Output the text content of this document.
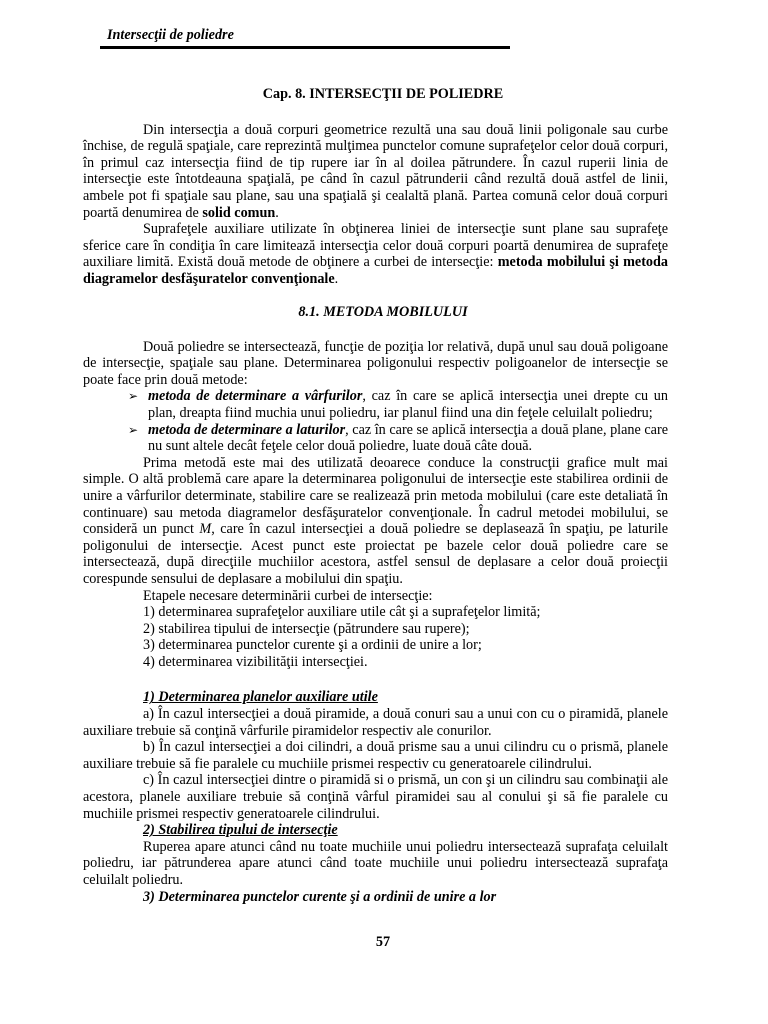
Intersecţii de poliedre
Cap. 8. INTERSECŢII DE POLIEDRE

Din intersecţia a două corpuri geometrice rezultă una sau două linii poligonale sau curbe închise, de regulă spaţiale, care reprezintă mulţimea punctelor comune suprafeţelor celor două corpuri, în primul caz intersecţia fiind de tip rupere iar în al doilea pătrundere. În cazul ruperii linia de intersecţie este întotdeauna spaţială, pe când în cazul pătrunderii când rezultă două astfel de linii, ambele pot fi spaţiale sau plane, sau una spaţială şi cealaltă plană. Partea comună celor două corpuri poartă denumirea de solid comun.

Suprafeţele auxiliare utilizate în obţinerea liniei de intersecţie sunt plane sau suprafeţe sferice care în condiţia în care limitează intersecţia celor două corpuri poartă denumirea de suprafeţe auxiliare limită. Există două metode de obţinere a curbei de intersecţie: metoda mobilului şi metoda diagramelor desfăşuratelor convenţionale.

8.1. METODA MOBILULUI

Două poliedre se intersectează, funcţie de poziţia lor relativă, după unul sau două poligoane de intersecţie, spaţiale sau plane. Determinarea poligonului respectiv poligoanelor de intersecţie se poate face prin două metode:

➢
metoda de determinare a vârfurilor, caz în care se aplică intersecţia unei drepte cu un plan, dreapta fiind muchia unui poliedru, iar planul fiind una din feţele celuilalt poliedru;
➢
metoda de determinare a laturilor, caz în care se aplică intersecţia a două plane, plane care nu sunt altele decât feţele celor două poliedre, luate două câte două.

Prima metodă este mai des utilizată deoarece conduce la construcţii grafice mult mai simple. O altă problemă care apare la determinarea poligonului de intersecţie este stabilirea ordinii de unire a vârfurilor determinate, stabilire care se realizează prin metoda mobilului (care este detaliată în continuare) sau metoda diagramelor desfăşuratelor convenţionale. În cadrul metodei mobilului, se consideră un punct M, care în cazul intersecţiei a două poliedre se deplasează în spaţiu, pe laturile poligonului de intersecţie. Acest punct este proiectat pe bazele celor două poliedre care se intersectează, după direcţiile muchiilor acestora, astfel sensul de deplasare a celor două proiecţii corespunde sensului de deplasare a mobilului din spaţiu.

Etapele necesare determinării curbei de intersecţie:
1) determinarea suprafeţelor auxiliare utile cât şi a suprafeţelor limită;
2) stabilirea tipului de intersecţie (pătrundere sau rupere);
3) determinarea punctelor curente şi a ordinii de unire a lor;
4) determinarea vizibilităţii intersecţiei.
1) Determinarea planelor auxiliare utile

a) În cazul intersecţiei a două piramide, a două conuri sau a unui con cu o piramidă, planele auxiliare trebuie să conţină vârfurile piramidelor respectiv ale conurilor.

b) În cazul intersecţiei a doi cilindri, a două prisme sau a unui cilindru cu o prismă, planele auxiliare trebuie să fie paralele cu muchiile prismei respectiv cu generatoarele cilindrului.

c) În cazul intersecţiei dintre o piramidă si o prismă, un con şi un cilindru sau combinaţii ale acestora, planele auxiliare trebuie să conţină vârful piramidei sau al conului şi să fie paralele cu muchiile prismei respectiv generatoarele cilindrului.

2) Stabilirea tipului de intersecţie

Ruperea apare atunci când nu toate muchiile unui poliedru intersectează suprafaţa celuilalt poliedru, iar pătrunderea apare atunci când toate muchiile unui poliedru intersectează suprafaţa celuilalt poliedru.

3) Determinarea punctelor curente şi a ordinii de unire a lor
57
